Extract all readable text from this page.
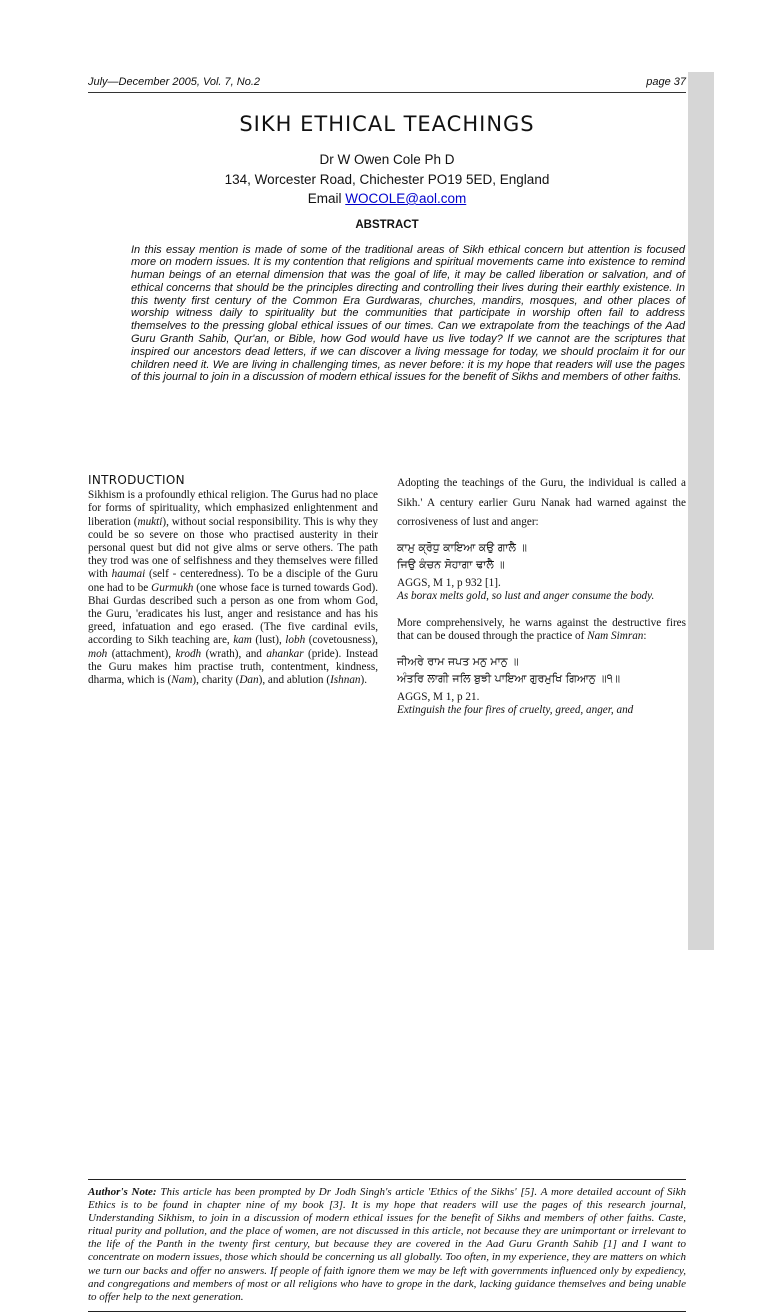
July—December 2005, Vol. 7, No.2	page 37
SIKH ETHICAL TEACHINGS
Dr W Owen Cole Ph D
134, Worcester Road, Chichester PO19 5ED, England
Email WOCOLE@aol.com
ABSTRACT
In this essay mention is made of some of the traditional areas of Sikh ethical concern but attention is focused more on modern issues. It is my contention that religions and spiritual movements came into existence to remind human beings of an eternal dimension that was the goal of life, it may be called liberation or salvation, and of ethical concerns that should be the principles directing and controlling their lives during their earthly existence. In this twenty first century of the Common Era Gurdwaras, churches, mandirs, mosques, and other places of worship witness daily to spirituality but the communities that participate in worship often fail to address themselves to the pressing global ethical issues of our times. Can we extrapolate from the teachings of the Aad Guru Granth Sahib, Qur'an, or Bible, how God would have us live today? If we cannot are the scriptures that inspired our ancestors dead letters, if we can discover a living message for today, we should proclaim it for our children need it. We are living in challenging times, as never before: it is my hope that readers will use the pages of this journal to join in a discussion of modern ethical issues for the benefit of Sikhs and members of other faiths.
INTRODUCTION
Sikhism is a profoundly ethical religion. The Gurus had no place for forms of spirituality, which emphasized enlightenment and liberation (mukti), without social responsibility. This is why they could be so severe on those who practised austerity in their personal quest but did not give alms or serve others. The path they trod was one of selfishness and they themselves were filled with haumai (self - centeredness). To be a disciple of the Guru one had to be Gurmukh (one whose face is turned towards God). Bhai Gurdas described such a person as one from whom God, the Guru, 'eradicates his lust, anger and resistance and has his greed, infatuation and ego erased. (The five cardinal evils, according to Sikh teaching are, kam (lust), lobh (covetousness), moh (attachment), krodh (wrath), and ahankar (pride). Instead the Guru makes him practise truth, contentment, kindness, dharma, which is (Nam), charity (Dan), and ablution (Ishnan).

Adopting the teachings of the Guru, the individual is called a Sikh.' A century earlier Guru Nanak had warned against the corrosiveness of lust and anger:

ਕਾਮੁ ਕ੍ਰੋਧੁ ਕਾਇਆ ਕਉ ਗਾਲੈ ॥
ਜਿਉ ਕੰਚਨ ਸੋਹਾਗਾ ਢਾਲੈ ॥

AGGS, M 1, p 932 [1].

As borax melts gold, so lust and anger consume the body.

More comprehensively, he warns against the destructive fires that can be doused through the practice of Nam Simran:

ਜੀਅਰੇ ਰਾਮ ਜਪਤ ਮਨੁ ਮਾਨੁ ॥
ਅੰਤਰਿ ਲਾਗੀ ਜਲਿ ਬੁਝੀ ਪਾਇਆ ਗੁਰਮੁਖਿ ਗਿਆਨੁ ॥੧॥

AGGS, M 1, p 21.

Extinguish the four fires of cruelty, greed, anger, and

Author's Note: This article has been prompted by Dr Jodh Singh's article 'Ethics of the Sikhs' [5]. A more detailed account of Sikh Ethics is to be found in chapter nine of my book [3]. It is my hope that readers will use the pages of this research journal, Understanding Sikhism, to join in a discussion of modern ethical issues for the benefit of Sikhs and members of other faiths. Caste, ritual purity and pollution, and the place of women, are not discussed in this article, not because they are unimportant or irrelevant to the life of the Panth in the twenty first century, but because they are covered in the Aad Guru Granth Sahib [1] and I want to concentrate on modern issues, those which should be concerning us all globally. Too often, in my experience, they are matters on which we turn our backs and offer no answers. If people of faith ignore them we may be left with governments influenced only by expediency, and congregations and members of most or all religions who have to grope in the dark, lacking guidance themselves and being unable to offer help to the next generation.
